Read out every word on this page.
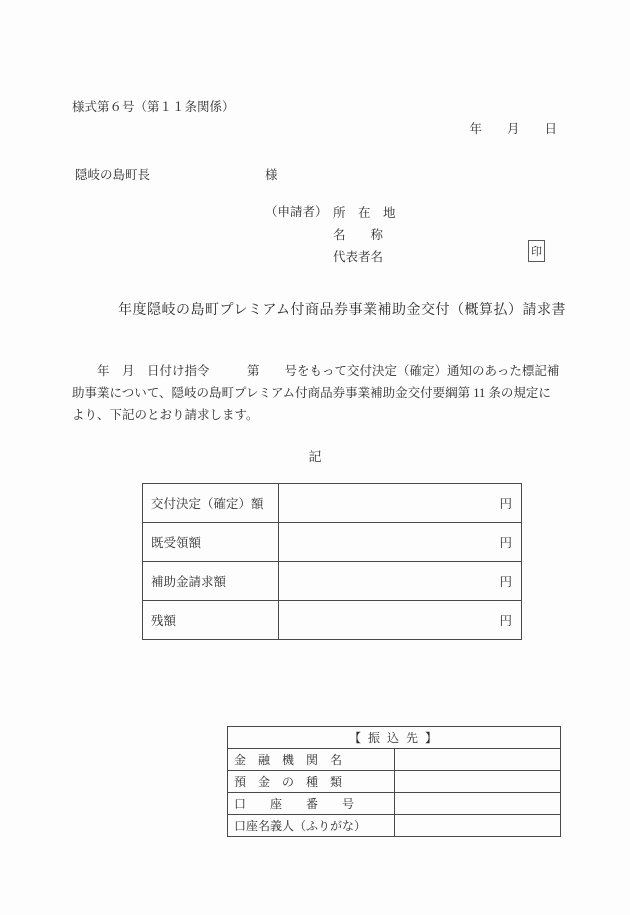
様式第６号（第１１条関係）
年　　月　　日
隠岐の島町長	様
（申請者） 所　在　地
名　　称
代表者名	印
年度隠岐の島町プレミアム付商品券事業補助金交付（概算払）請求書
　　年　月　日付け指令　　　第　　号をもって交付決定（確定）通知のあった標記補
助事業について、隠岐の島町プレミアム付商品券事業補助金交付要綱第 11 条の規定に
より、下記のとおり請求します。
記
交付決定（確定）額	円
既受領額	円
補助金請求額	円
残額	円
【 振 込 先 】	
金　融　機　関　名	
預　金　の　種　類	
口　　座　　番　　号	
口座名義人（ふりがな）	
